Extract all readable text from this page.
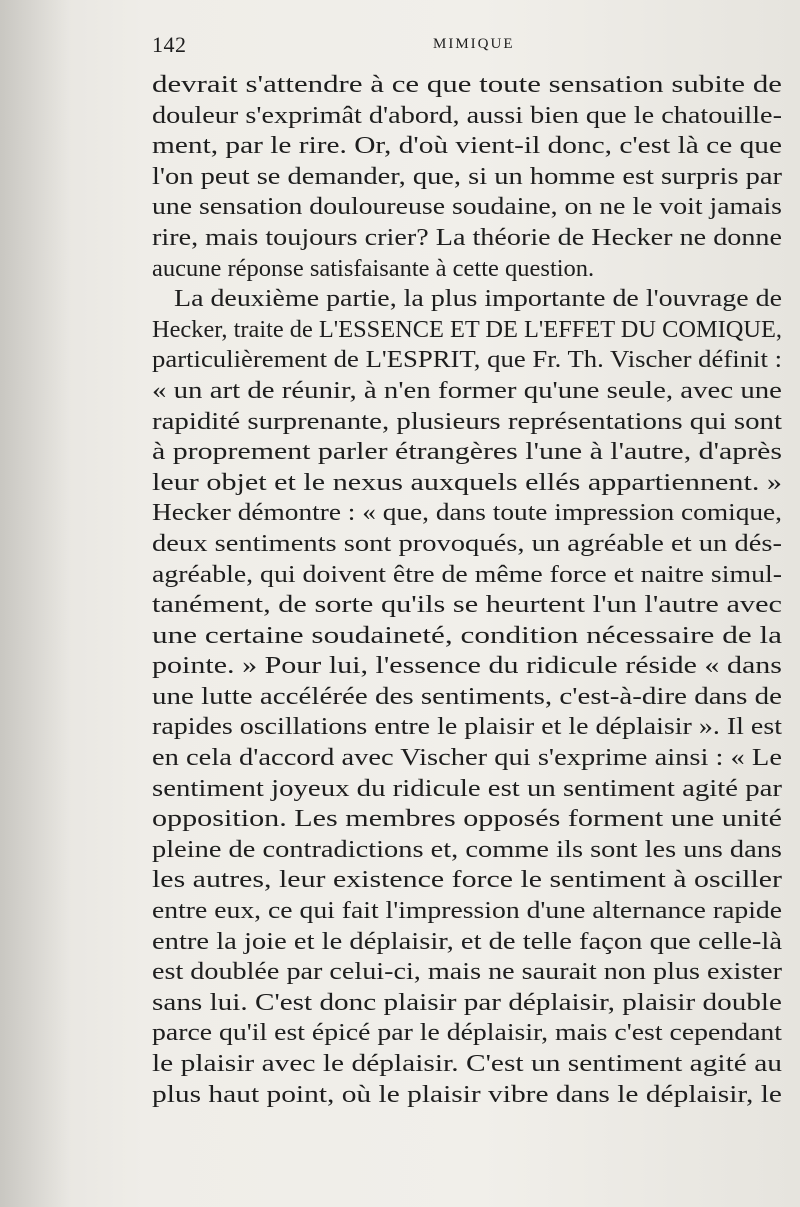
142	MIMIQUE
devrait s'attendre à ce que toute sensation subite de
douleur s'exprimât d'abord, aussi bien que le chatouille-
ment, par le rire. Or, d'où vient-il donc, c'est là ce que
l'on peut se demander, que, si un homme est surpris par
une sensation douloureuse soudaine, on ne le voit jamais
rire, mais toujours crier? La théorie de Hecker ne donne
aucune réponse satisfaisante à cette question.
La deuxième partie, la plus importante de l'ouvrage de
Hecker, traite de L'ESSENCE ET DE L'EFFET DU COMIQUE,
particulièrement de L'ESPRIT, que Fr. Th. Vischer définit :
« un art de réunir, à n'en former qu'une seule, avec une
rapidité surprenante, plusieurs représentations qui sont
à proprement parler étrangères l'une à l'autre, d'après
leur objet et le nexus auxquels ellés appartiennent. »
Hecker démontre : « que, dans toute impression comique,
deux sentiments sont provoqués, un agréable et un dés-
agréable, qui doivent être de même force et naitre simul-
tanément, de sorte qu'ils se heurtent l'un l'autre avec
une certaine soudaineté, condition nécessaire de la
pointe. » Pour lui, l'essence du ridicule réside « dans
une lutte accélérée des sentiments, c'est-à-dire dans de
rapides oscillations entre le plaisir et le déplaisir ». Il est
en cela d'accord avec Vischer qui s'exprime ainsi : « Le
sentiment joyeux du ridicule est un sentiment agité par
opposition. Les membres opposés forment une unité
pleine de contradictions et, comme ils sont les uns dans
les autres, leur existence force le sentiment à osciller
entre eux, ce qui fait l'impression d'une alternance rapide
entre la joie et le déplaisir, et de telle façon que celle-là
est doublée par celui-ci, mais ne saurait non plus exister
sans lui. C'est donc plaisir par déplaisir, plaisir double
parce qu'il est épicé par le déplaisir, mais c'est cependant
le plaisir avec le déplaisir. C'est un sentiment agité au
plus haut point, où le plaisir vibre dans le déplaisir, le
